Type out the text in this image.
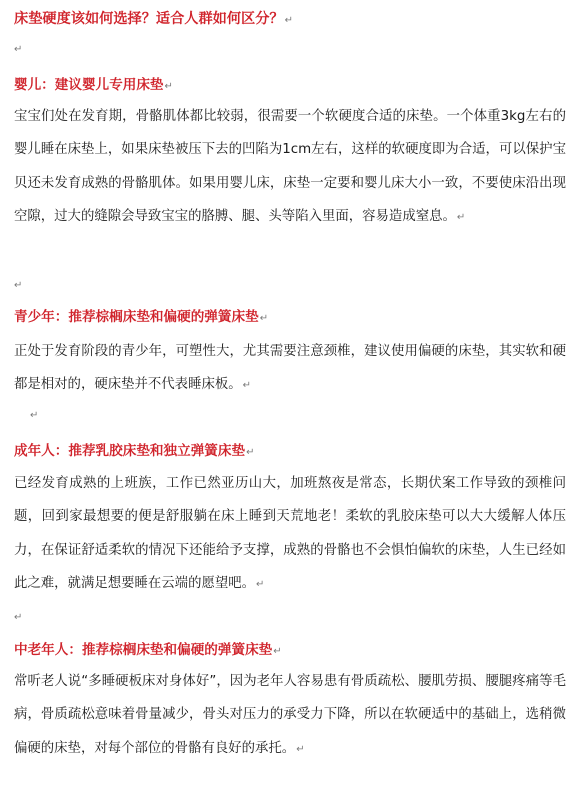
床垫硬度该如何选择？适合人群如何区分？↵
↵
婴儿：建议婴儿专用床垫↵

宝宝们处在发育期，骨骼肌体都比较弱，很需要一个软硬度合适的床垫。一个体重3kg左右的婴儿睡在床垫上，如果床垫被压下去的凹陷为1cm左右，这样的软硬度即为合适，可以保护宝贝还未发育成熟的骨骼肌体。如果用婴儿床，床垫一定要和婴儿床大小一致，不要使床沿出现空隙，过大的缝隙会导致宝宝的胳膊、腿、头等陷入里面，容易造成窒息。↵

↵
青少年：推荐棕榈床垫和偏硬的弹簧床垫↵

正处于发育阶段的青少年，可塑性大，尤其需要注意颈椎，建议使用偏硬的床垫，其实软和硬都是相对的，硬床垫并不代表睡床板。↵

↵
成年人：推荐乳胶床垫和独立弹簧床垫↵

已经发育成熟的上班族，工作已然亚历山大，加班熬夜是常态，长期伏案工作导致的颈椎问题，回到家最想要的便是舒服躺在床上睡到天荒地老！柔软的乳胶床垫可以大大缓解人体压力，在保证舒适柔软的情况下还能给予支撑，成熟的骨骼也不会惧怕偏软的床垫，人生已经如此之难，就满足想要睡在云端的愿望吧。↵

↵
中老年人：推荐棕榈床垫和偏硬的弹簧床垫↵

常听老人说“多睡硬板床对身体好”，因为老年人容易患有骨质疏松、腰肌劳损、腰腿疼痛等毛病，骨质疏松意味着骨量减少，骨头对压力的承受力下降，所以在软硬适中的基础上，选稍微偏硬的床垫，对每个部位的骨骼有良好的承托。↵
